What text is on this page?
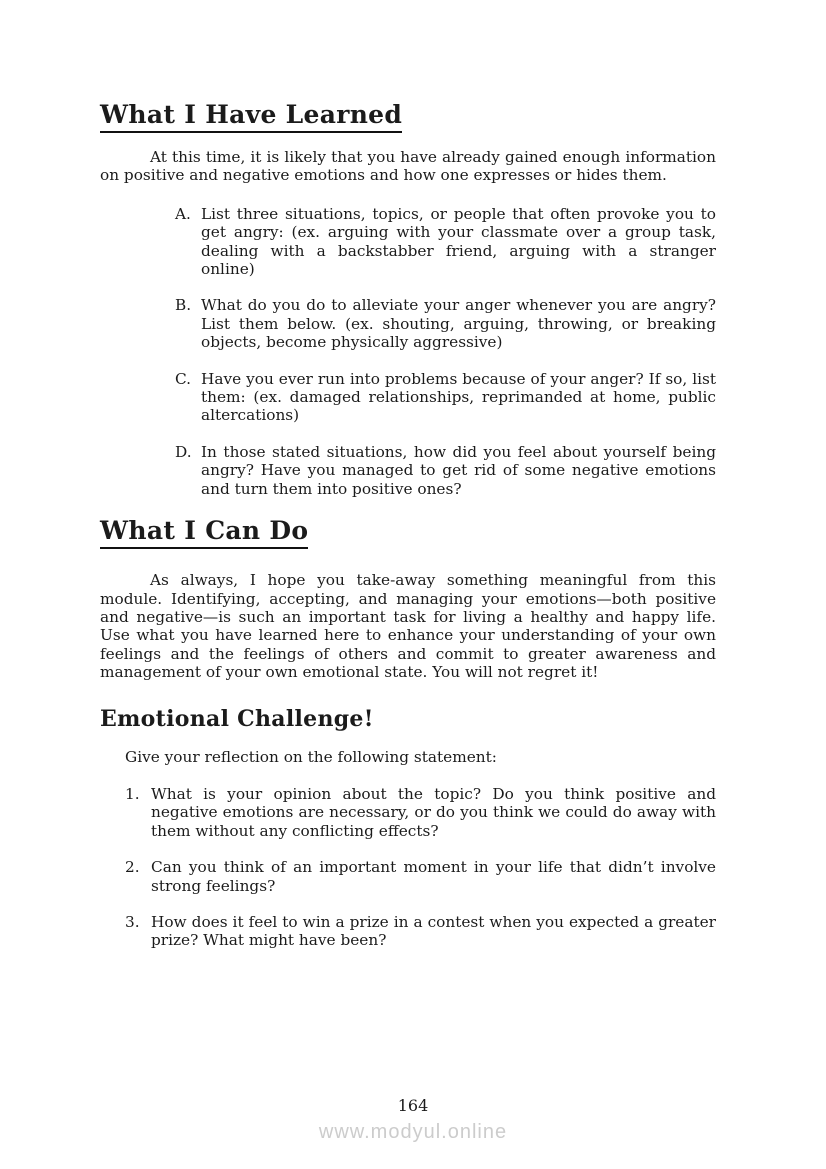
What I Have Learned

At this time, it is likely that you have already gained enough information on positive and negative emotions and how one expresses or hides them.

A. List three situations, topics, or people that often provoke you to get angry: (ex. arguing with your classmate over a group task, dealing with a backstabber friend, arguing with a stranger online)
B. What do you do to alleviate your anger whenever you are angry? List them below. (ex. shouting, arguing, throwing, or breaking objects, become physically aggressive)
C. Have you ever run into problems because of your anger? If so, list them: (ex. damaged relationships, reprimanded at home, public altercations)
D. In those stated situations, how did you feel about yourself being angry? Have you managed to get rid of some negative emotions and turn them into positive ones?
What I Can Do

As always, I hope you take-away something meaningful from this module. Identifying, accepting, and managing your emotions—both positive and negative—is such an important task for living a healthy and happy life. Use what you have learned here to enhance your understanding of your own feelings and the feelings of others and commit to greater awareness and management of your own emotional state. You will not regret it!

Emotional Challenge!

Give your reflection on the following statement:

1. What is your opinion about the topic? Do you think positive and negative emotions are necessary, or do you think we could do away with them without any conflicting effects?
2. Can you think of an important moment in your life that didn’t involve strong feelings?
3. How does it feel to win a prize in a contest when you expected a greater prize? What might have been?
164
www.modyul.online
